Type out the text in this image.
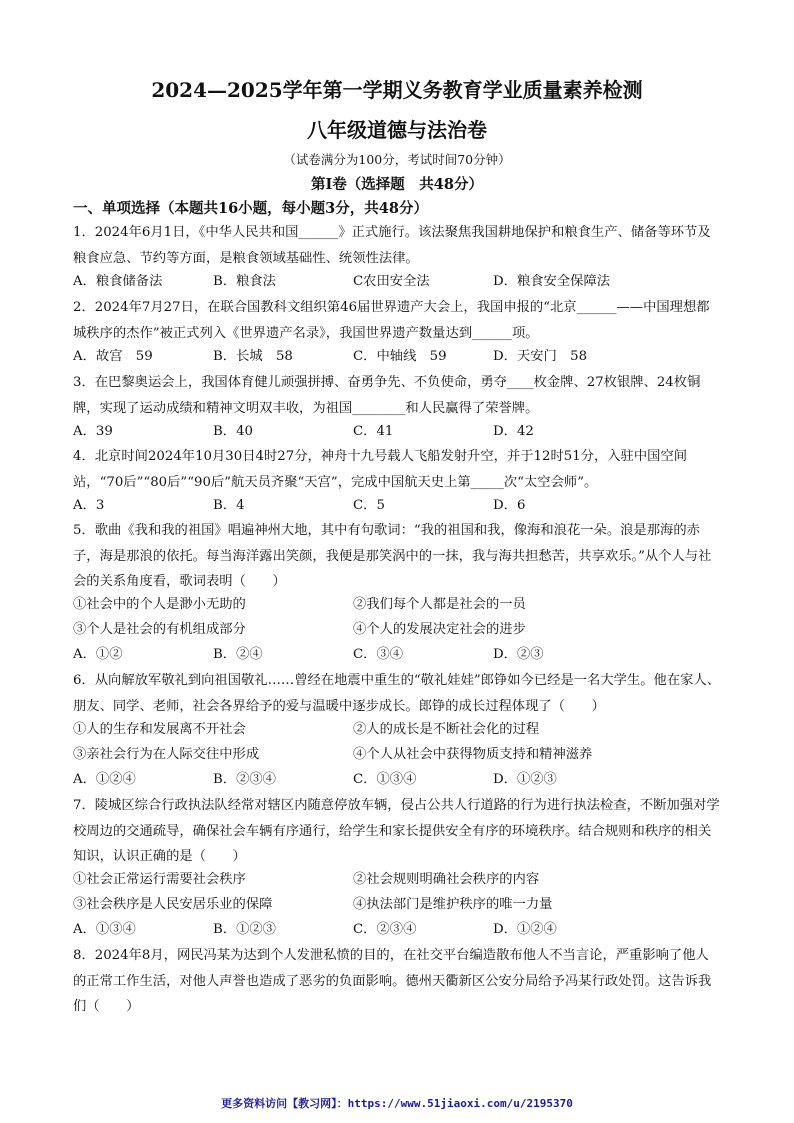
2024—2025学年第一学期义务教育学业质量素养检测
八年级道德与法治卷
（试卷满分为100分，考试时间70分钟）
第Ⅰ卷（选择题　共48分）
一、单项选择（本题共16小题，每小题3分，共48分）
1．2024年6月1日，《中华人民共和国______》正式施行。该法聚焦我国耕地保护和粮食生产、储备等环节及粮食应急、节约等方面，是粮食领域基础性、统领性法律。
A．粮食储备法	B．粮食法	C农田安全法	D．粮食安全保障法
2．2024年7月27日，在联合国教科文组织第46届世界遗产大会上，我国申报的“北京______——中国理想都城秩序的杰作”被正式列入《世界遗产名录》，我国世界遗产数量达到______项。
A．故宫　59	B．长城　58	C．中轴线　59	D．天安门　58
3．在巴黎奥运会上，我国体育健儿顽强拼搏、奋勇争先、不负使命，勇夺____枚金牌、27枚银牌、24枚铜牌，实现了运动成绩和精神文明双丰收，为祖国________和人民赢得了荣誉牌。
A．39	B．40	C．41	D．42
4．北京时间2024年10月30日4时27分，神舟十九号载人飞船发射升空，并于12时51分，入驻中国空间站，“70后”“80后”“90后”航天员齐聚“天宫”，完成中国航天史上第_____次“太空会师”。
A．3	B．4	C．5	D．6
5．歌曲《我和我的祖国》唱遍神州大地，其中有句歌词：“我的祖国和我，像海和浪花一朵。浪是那海的赤子，海是那浪的依托。每当海洋露出笑颜，我便是那笑涡中的一抹，我与海共担愁苦，共享欢乐。”从个人与社会的关系角度看，歌词表明（　　）
①社会中的个人是渺小无助的	②我们每个人都是社会的一员
③个人是社会的有机组成部分	④个人的发展决定社会的进步
A．①②	B．②④	C．③④	D．②③
6．从向解放军敬礼到向祖国敬礼……曾经在地震中重生的“敬礼娃娃”郎铮如今已经是一名大学生。他在家人、朋友、同学、老师，社会各界给予的爱与温暖中逐步成长。郎铮的成长过程体现了（　　）
①人的生存和发展离不开社会	②人的成长是不断社会化的过程
③亲社会行为在人际交往中形成	④个人从社会中获得物质支持和精神滋养
A．①②④	B．②③④	C．①③④	D．①②③
7．陵城区综合行政执法队经常对辖区内随意停放车辆，侵占公共人行道路的行为进行执法检查，不断加强对学校周边的交通疏导，确保社会车辆有序通行，给学生和家长提供安全有序的环境秩序。结合规则和秩序的相关知识，认识正确的是（　　）
①社会正常运行需要社会秩序	②社会规则明确社会秩序的内容
③社会秩序是人民安居乐业的保障	④执法部门是维护秩序的唯一力量
A．①③④	B．①②③	C．②③④	D．①②④
8．2024年8月，网民冯某为达到个人发泄私愤的目的，在社交平台编造散布他人不当言论，严重影响了他人的正常工作生活，对他人声誉也造成了恶劣的负面影响。德州天衢新区公安分局给予冯某行政处罚。这告诉我们（　　）
更多资料访问【教习网】：https://www.51jiaoxi.com/u/2195370
